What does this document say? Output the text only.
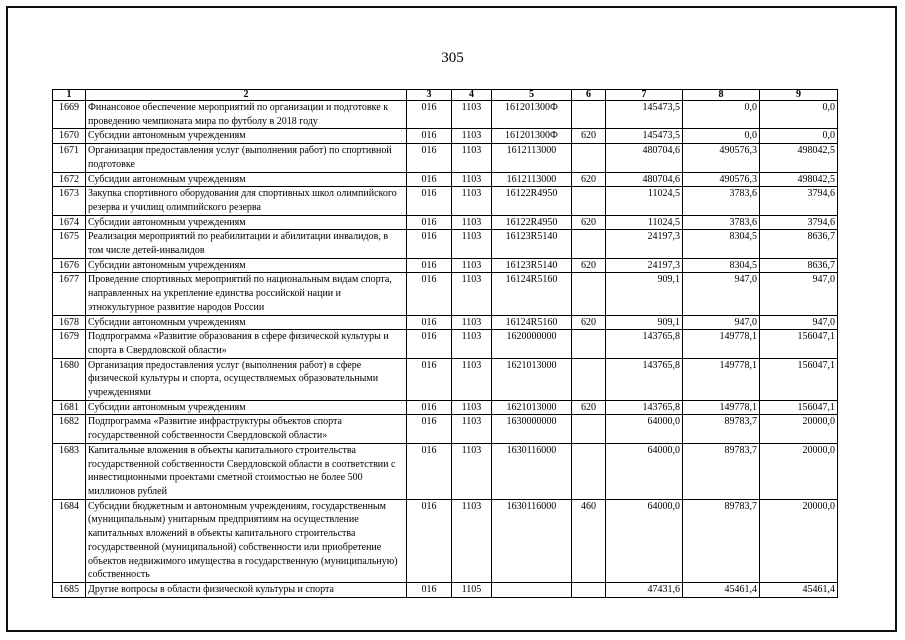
305
1	2	3	4	5	6	7	8	9
1669	Финансовое обеспечение мероприятий по организации и подготовке к проведению чемпионата мира по футболу в 2018 году	016	1103	161201300Ф		145473,5	0,0	0,0
1670	Субсидии автономным учреждениям	016	1103	161201300Ф	620	145473,5	0,0	0,0
1671	Организация предоставления услуг (выполнения работ) по спортивной подготовке	016	1103	1612113000		480704,6	490576,3	498042,5
1672	Субсидии автономным учреждениям	016	1103	1612113000	620	480704,6	490576,3	498042,5
1673	Закупка спортивного оборудования для спортивных школ олимпийского резерва и училищ олимпийского резерва	016	1103	16122R4950		11024,5	3783,6	3794,6
1674	Субсидии автономным учреждениям	016	1103	16122R4950	620	11024,5	3783,6	3794,6
1675	Реализация мероприятий по реабилитации и абилитации инвалидов, в том числе детей-инвалидов	016	1103	16123R5140		24197,3	8304,5	8636,7
1676	Субсидии автономным учреждениям	016	1103	16123R5140	620	24197,3	8304,5	8636,7
1677	Проведение спортивных мероприятий по национальным видам спорта, направленных на укрепление единства российской нации и этнокультурное развитие народов России	016	1103	16124R5160		909,1	947,0	947,0
1678	Субсидии автономным учреждениям	016	1103	16124R5160	620	909,1	947,0	947,0
1679	Подпрограмма «Развитие образования в сфере физической культуры и спорта в Свердловской области»	016	1103	1620000000		143765,8	149778,1	156047,1
1680	Организация предоставления услуг (выполнения работ) в сфере физической культуры и спорта, осуществляемых образовательными учреждениями	016	1103	1621013000		143765,8	149778,1	156047,1
1681	Субсидии автономным учреждениям	016	1103	1621013000	620	143765,8	149778,1	156047,1
1682	Подпрограмма «Развитие инфраструктуры объектов спорта государственной собственности Свердловской области»	016	1103	1630000000		64000,0	89783,7	20000,0
1683	Капитальные вложения в объекты капитального строительства государственной собственности Свердловской области в соответствии с инвестиционными проектами сметной стоимостью не более 500 миллионов рублей	016	1103	1630116000		64000,0	89783,7	20000,0
1684	Субсидии бюджетным и автономным учреждениям, государственным (муниципальным) унитарным предприятиям на осуществление капитальных вложений в объекты капитального строительства государственной (муниципальной) собственности или приобретение объектов недвижимого имущества в государственную (муниципальную) собственность	016	1103	1630116000	460	64000,0	89783,7	20000,0
1685	Другие вопросы в области физической культуры и спорта	016	1105			47431,6	45461,4	45461,4
